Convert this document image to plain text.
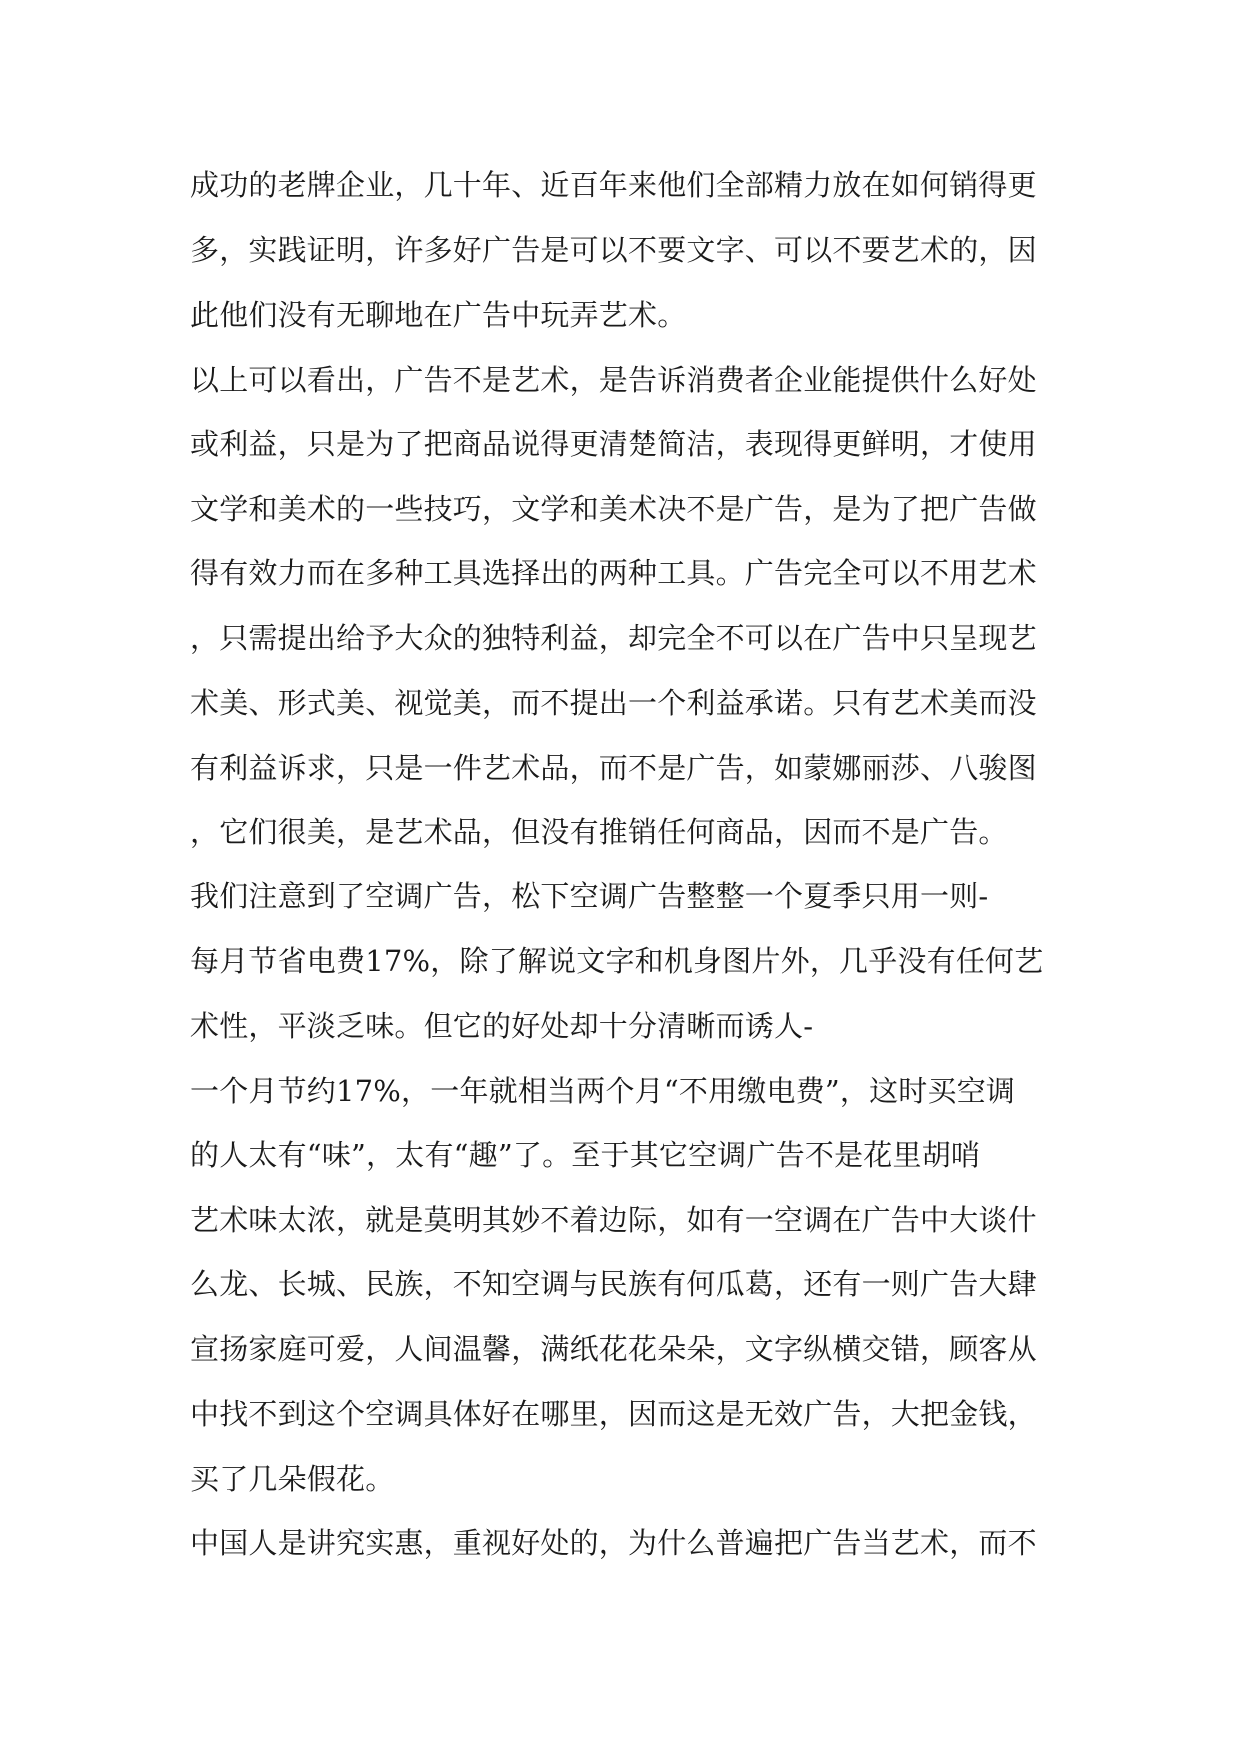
成功的老牌企业，几十年、近百年来他们全部精力放在如何销得更
多，实践证明，许多好广告是可以不要文字、可以不要艺术的，因
此他们没有无聊地在广告中玩弄艺术。
以上可以看出，广告不是艺术，是告诉消费者企业能提供什么好处
或利益，只是为了把商品说得更清楚简洁，表现得更鲜明，才使用
文学和美术的一些技巧，文学和美术决不是广告，是为了把广告做
得有效力而在多种工具选择出的两种工具。广告完全可以不用艺术
，只需提出给予大众的独特利益，却完全不可以在广告中只呈现艺
术美、形式美、视觉美，而不提出一个利益承诺。只有艺术美而没
有利益诉求，只是一件艺术品，而不是广告，如蒙娜丽莎、八骏图
，它们很美，是艺术品，但没有推销任何商品，因而不是广告。
我们注意到了空调广告，松下空调广告整整一个夏季只用一则-
每月节省电费17%，除了解说文字和机身图片外，几乎没有任何艺
术性，平淡乏味。但它的好处却十分清晰而诱人-
一个月节约17%，一年就相当两个月“不用缴电费”，这时买空调
的人太有“味”，太有“趣”了。至于其它空调广告不是花里胡哨
艺术味太浓，就是莫明其妙不着边际，如有一空调在广告中大谈什
么龙、长城、民族，不知空调与民族有何瓜葛，还有一则广告大肆
宣扬家庭可爱，人间温馨，满纸花花朵朵，文字纵横交错，顾客从
中找不到这个空调具体好在哪里，因而这是无效广告，大把金钱，
买了几朵假花。
中国人是讲究实惠，重视好处的，为什么普遍把广告当艺术，而不
